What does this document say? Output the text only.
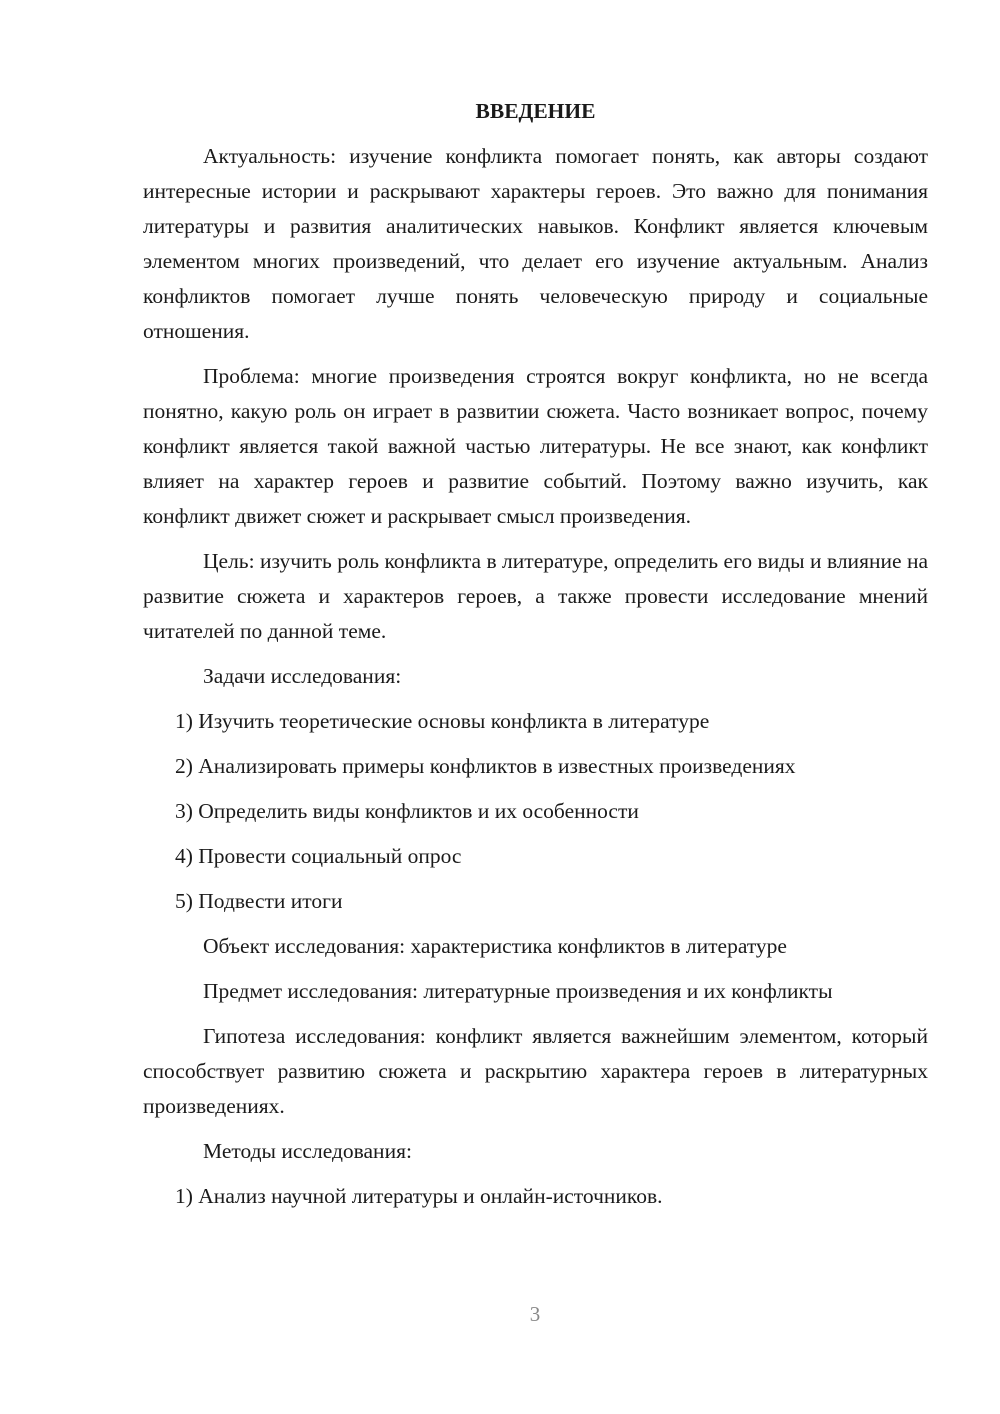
ВВЕДЕНИЕ

Актуальность: изучение конфликта помогает понять, как авторы создают интересные истории и раскрывают характеры героев. Это важно для понимания литературы и развития аналитических навыков. Конфликт является ключевым элементом многих произведений, что делает его изучение актуальным. Анализ конфликтов помогает лучше понять человеческую природу и социальные отношения.

Проблема: многие произведения строятся вокруг конфликта, но не всегда понятно, какую роль он играет в развитии сюжета. Часто возникает вопрос, почему конфликт является такой важной частью литературы. Не все знают, как конфликт влияет на характер героев и развитие событий. Поэтому важно изучить, как конфликт движет сюжет и раскрывает смысл произведения.

Цель: изучить роль конфликта в литературе, определить его виды и влияние на развитие сюжета и характеров героев, а также провести исследование мнений читателей по данной теме.

Задачи исследования:

1) Изучить теоретические основы конфликта в литературе

2) Анализировать примеры конфликтов в известных произведениях

3) Определить виды конфликтов и их особенности

4) Провести социальный опрос

5) Подвести итоги

Объект исследования: характеристика конфликтов в литературе

Предмет исследования: литературные произведения и их конфликты

Гипотеза исследования: конфликт является важнейшим элементом, который способствует развитию сюжета и раскрытию характера героев в литературных произведениях.

Методы исследования:

1) Анализ научной литературы и онлайн-источников.

3
